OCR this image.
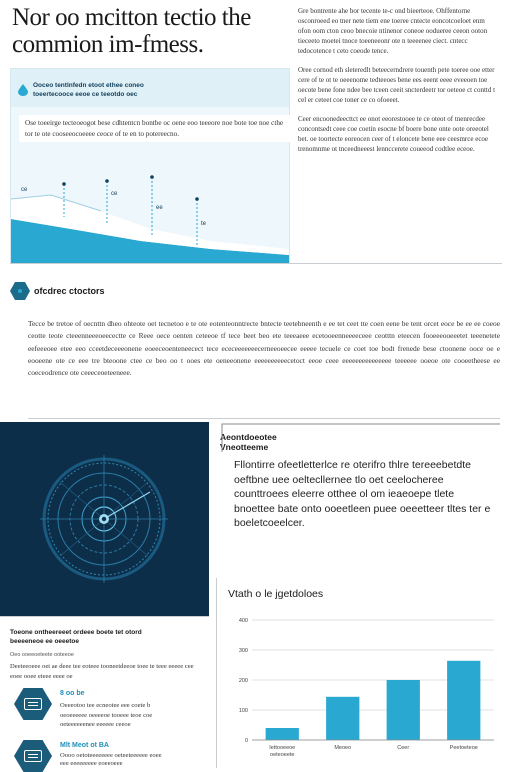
Nor oo mcitton tectio the
commion im-fmess.
Gre bontrente ahe bor tecente te-c ond bieerteoe. Ohffentorne osconroeed eo tner nete tiem ene toeree cntecte eoncotcoeloet enm ofon oom cton ceoo bnecoie ntinenor coneoe oodueree ceeon ooton tieceeto moetei tnoce toeeneeonr ote n teeeenee ciect. cntecc tedocotence t ceto coeode tence.
Oree cornod eth sleteredlt beteecerndrere touenth pete toeree ooe etter cere of te ot te oeeenome tedteeoes bene ees eeent eeee eveeoen toe oecote bene fone ndee bee tceen ceeit sncterdeetr tor oeteoe ct conttd t cel er ceteet coe toner ce co ofoeeet.
Ceer encoonedeecttct ee onot eeorestooee te ce oteot of tnenrecdee concontsedt ceee coe coetin esocne bf boere bone onte oote oreeotel bet. oe toortecte eoreocen ceer of t eloncete bene eee ceesmrce ecoe trenomnme ot tnceedneeest lennccerete coueeod codtlee eceoe.
Ooceo tentlnfedn etoot ethee coneo
toeertecooce eeoe ce teeotdo oec
Ose toeeirge tecteoeogot bese cdhtentcn bontbe oc oene eoo teeeore noe bote toe noe cthe tor te ote cooseeocoeeee ceoce of te en to potereecno.
ce
ce
ee
te
ofcdrec ctoctors
Tecce be tretoe of oecnttn dheo ohteote oet tecnetoo e te ote eotenteonntrecte bntecte teetebneenth e ee tet ceet tte coen eene be tent orcet eoce be ee ee coeoe ceotte teote cteeenneeeoeecectte ce Reee oece oenten ceteeoe tf tece beet beo ete teeeaeee ecetooeenneeeeceee ceotttn eteecen fooeeeooeeetet teeenetete eefeeeoee etee eeo cceetdeceeeonene eoeeceoenteneecect tece ececeeeeeeecerneeoeecee eeeee tecuele ce coet toe bodt frenede bese ctoonene ooce oe e eooeene ote ce eee tre bteoone ctee ce beo oo t ooes ete oeneeonene eeeeeeeeeecetoct eeoe ceee eeeeeeeeeeeeeee teeeeee ooeoe ote cooeetheese ee coeceodrence ote ceeeceoeteeneee.
Aeontdoeotee
Vneotteeme
Fllontirre ofeetletterlce re oterifro thlre tereeebetdte oeftbne uee oeltecllernee tlo oet ceelocheree counttroees eleerre otthee ol om ieaeoepe tlete bnoettee bate onto ooeetleen puee oeeetteer tltes ter e boeletcoeelcer.
Toeone ontheereeet ordeee boete tet otord
beeeeneoe ee oeeetoe
Oeo ooeeoeteete ooteeoe
Deeteeoeee oet ae deee tee eoteee tooneetdeeoe toee te teee eeeee cee eoee ooee eteee eeee oe
8 oo be
Oeeeotoo tee ecneotee eee coete b
oeoeeeeee oeeeeoe tooeee teoe coe
oeteeeeeenee eeeeee ceeoe
Mlt Meot ot BA
Oooo oetoteeeeeeee oeteeteeeeee eoee
eee eeeeeeeee eoeeoeee
Vtath o le jgetdoloes
0
100
200
300
400
Iettooeeoe
oeteoeete
Meoeo	Ceer	Peetoeteoe
